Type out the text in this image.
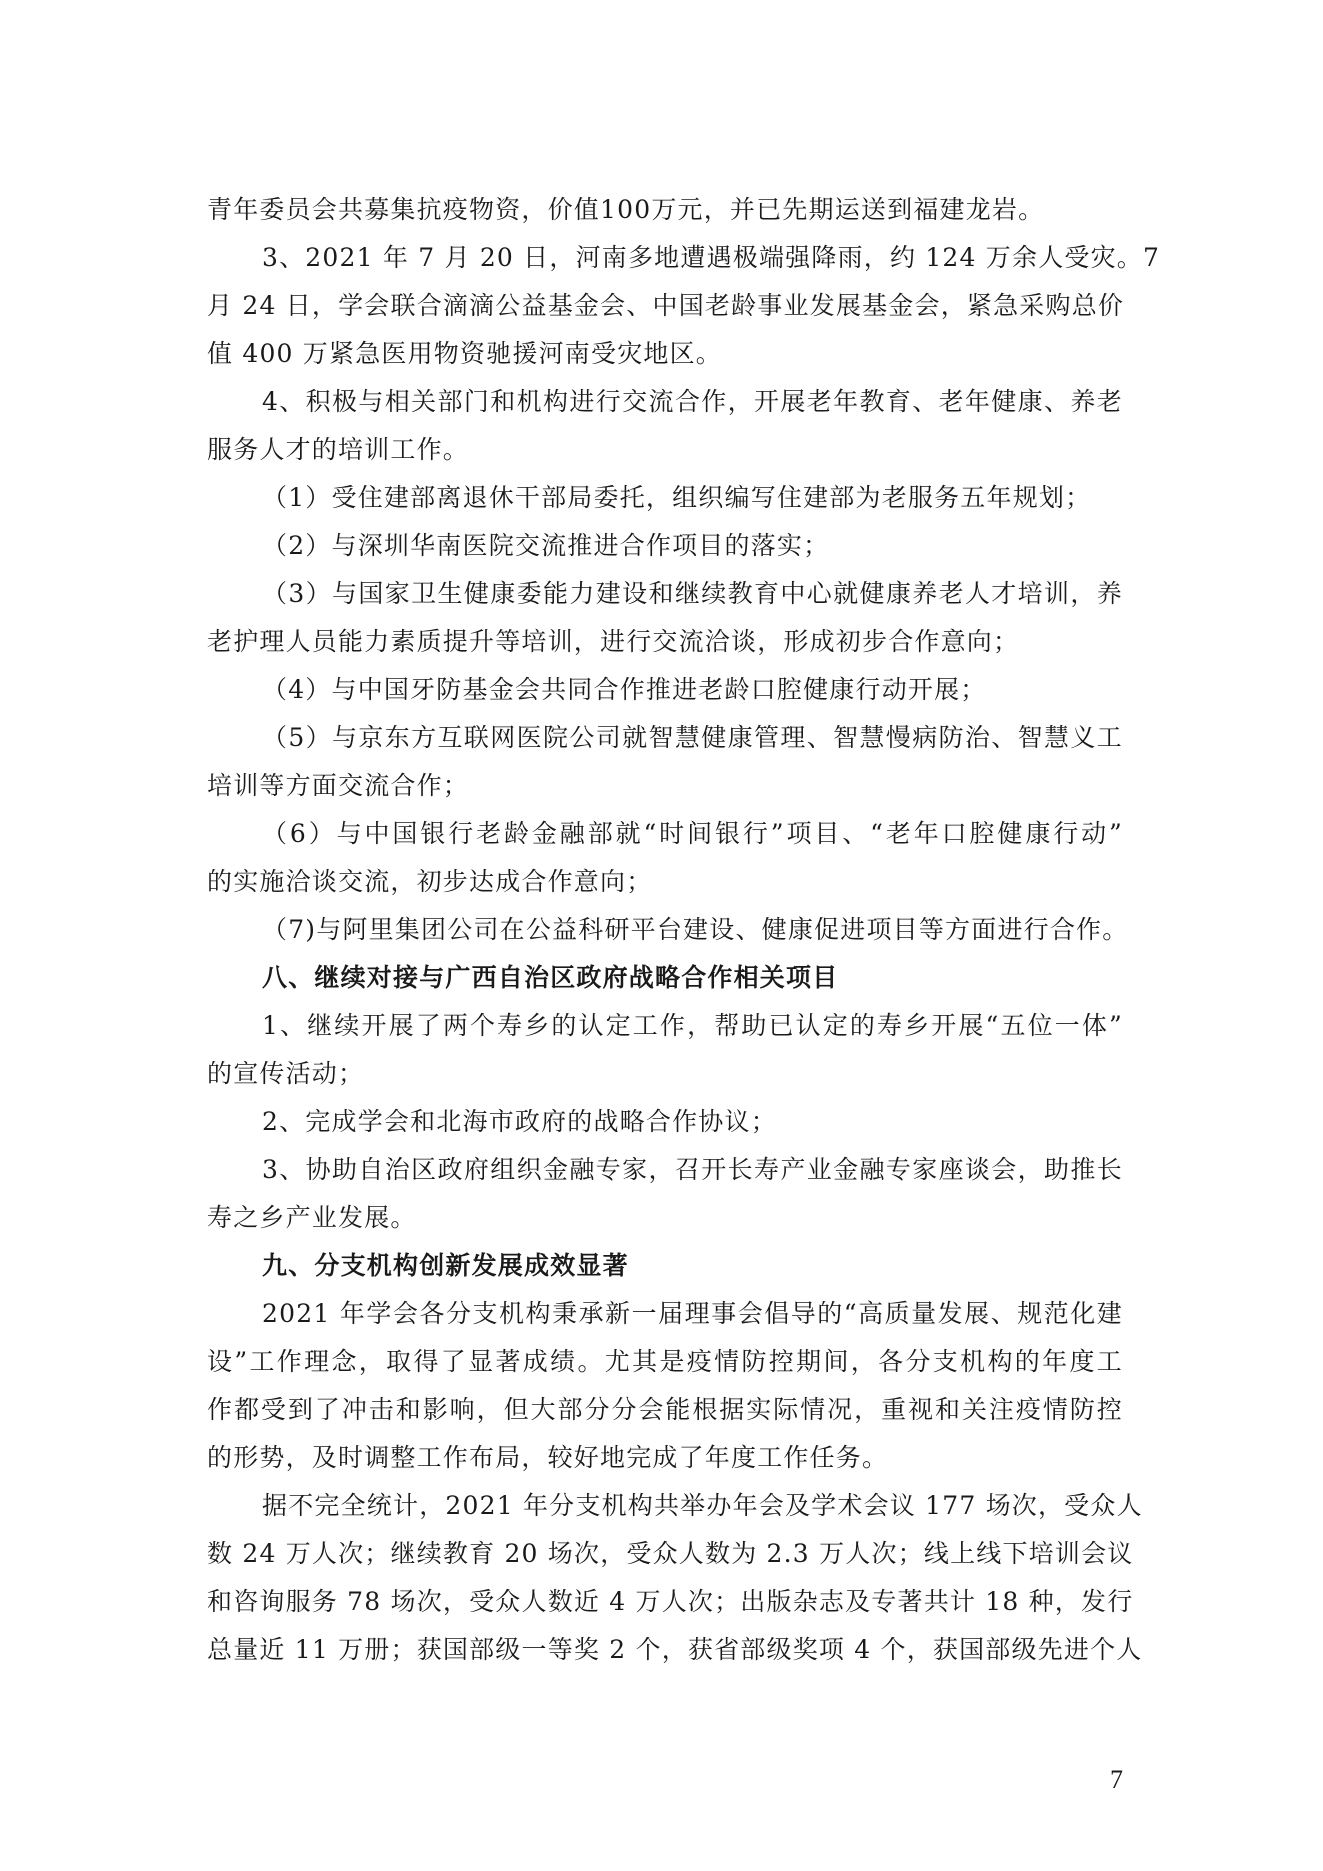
青年委员会共募集抗疫物资，价值100万元，并已先期运送到福建龙岩。
3、2021 年 7 月 20 日，河南多地遭遇极端强降雨，约 124 万余人受灾。7
月 24 日，学会联合滴滴公益基金会、中国老龄事业发展基金会，紧急采购总价
值 400 万紧急医用物资驰援河南受灾地区。
4、积极与相关部门和机构进行交流合作，开展老年教育、老年健康、养老
服务人才的培训工作。
（1）受住建部离退休干部局委托，组织编写住建部为老服务五年规划；
（2）与深圳华南医院交流推进合作项目的落实；
（3）与国家卫生健康委能力建设和继续教育中心就健康养老人才培训，养
老护理人员能力素质提升等培训，进行交流洽谈，形成初步合作意向；
（4）与中国牙防基金会共同合作推进老龄口腔健康行动开展；
（5）与京东方互联网医院公司就智慧健康管理、智慧慢病防治、智慧义工
培训等方面交流合作；
（6）与中国银行老龄金融部就“时间银行”项目、“老年口腔健康行动”
的实施洽谈交流，初步达成合作意向；
（7)与阿里集团公司在公益科研平台建设、健康促进项目等方面进行合作。
八、继续对接与广西自治区政府战略合作相关项目
1、继续开展了两个寿乡的认定工作，帮助已认定的寿乡开展“五位一体”
的宣传活动；
2、完成学会和北海市政府的战略合作协议；
3、协助自治区政府组织金融专家，召开长寿产业金融专家座谈会，助推长
寿之乡产业发展。
九、分支机构创新发展成效显著
2021 年学会各分支机构秉承新一届理事会倡导的“高质量发展、规范化建
设”工作理念，取得了显著成绩。尤其是疫情防控期间，各分支机构的年度工
作都受到了冲击和影响，但大部分分会能根据实际情况，重视和关注疫情防控
的形势，及时调整工作布局，较好地完成了年度工作任务。
据不完全统计，2021 年分支机构共举办年会及学术会议 177 场次，受众人
数 24 万人次；继续教育 20 场次，受众人数为 2.3 万人次；线上线下培训会议
和咨询服务 78 场次，受众人数近 4 万人次；出版杂志及专著共计 18 种，发行
总量近 11 万册；获国部级一等奖 2 个，获省部级奖项 4 个，获国部级先进个人
7
